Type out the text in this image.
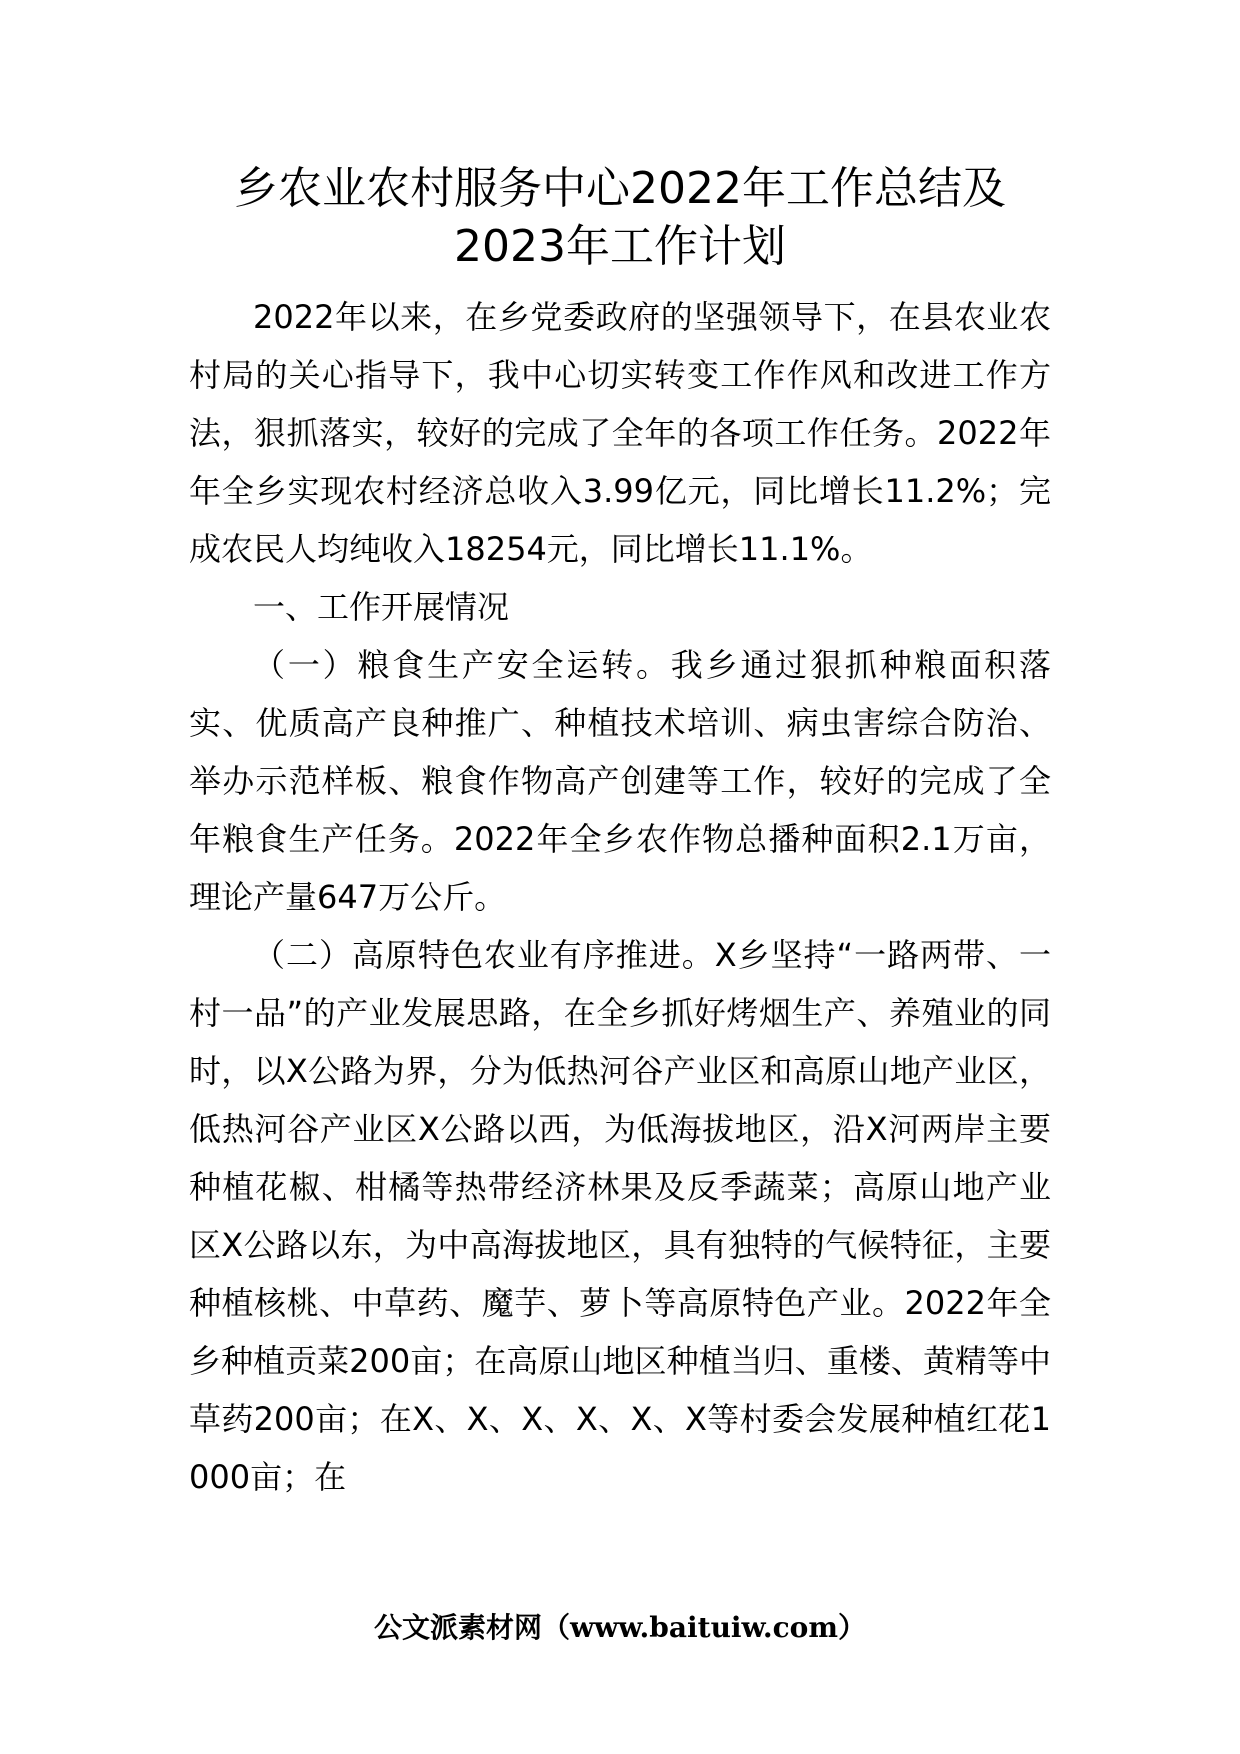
乡农业农村服务中心2022年工作总结及
2023年工作计划

2022年以来，在乡党委政府的坚强领导下，在县农业农村局的关心指导下，我中心切实转变工作作风和改进工作方法，狠抓落实，较好的完成了全年的各项工作任务。2022年年全乡实现农村经济总收入3.99亿元，同比增长11.2%；完成农民人均纯收入18254元，同比增长11.1%。

一、工作开展情况

（一）粮食生产安全运转。我乡通过狠抓种粮面积落实、优质高产良种推广、种植技术培训、病虫害综合防治、举办示范样板、粮食作物高产创建等工作，较好的完成了全年粮食生产任务。2022年全乡农作物总播种面积2.1万亩，理论产量647万公斤。

（二）高原特色农业有序推进。X乡坚持“一路两带、一村一品”的产业发展思路，在全乡抓好烤烟生产、养殖业的同时，以X公路为界，分为低热河谷产业区和高原山地产业区，低热河谷产业区X公路以西，为低海拔地区，沿X河两岸主要种植花椒、柑橘等热带经济林果及反季蔬菜；高原山地产业区X公路以东，为中高海拔地区，具有独特的气候特征，主要种植核桃、中草药、魔芋、萝卜等高原特色产业。2022年全乡种植贡菜200亩；在高原山地区种植当归、重楼、黄精等中草药200亩；在X、X、X、X、X、X等村委会发展种植红花1000亩；在

公文派素材网（www.baituiw.com）
